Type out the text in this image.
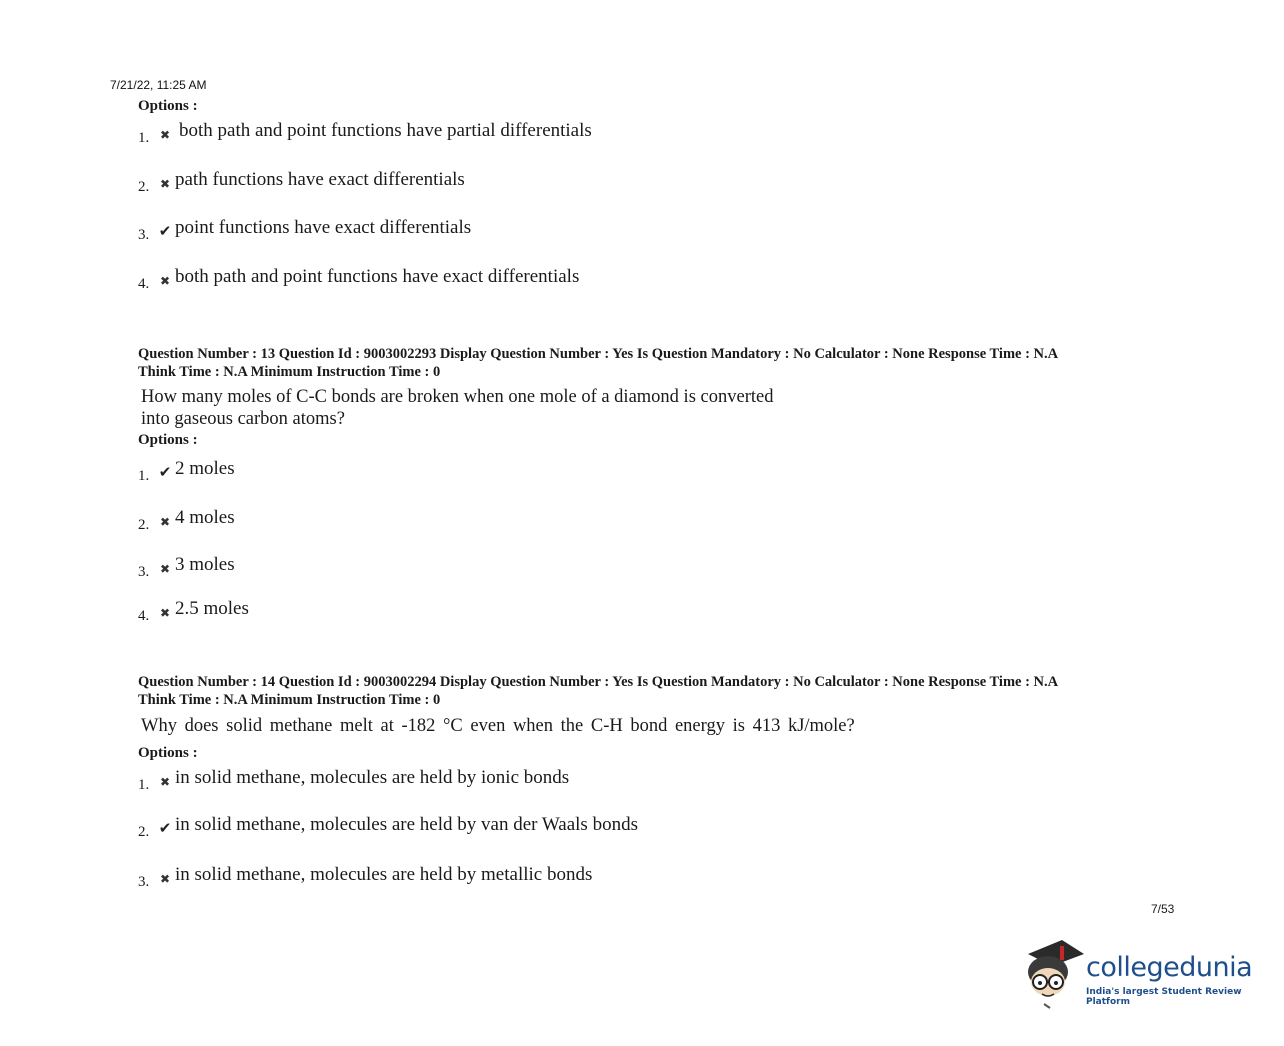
7/21/22, 11:25 AM

Options :

1. ✖ both path and point functions have partial differentials
2. ✖ path functions have exact differentials
3. ✔ point functions have exact differentials
4. ✖ both path and point functions have exact differentials

Question Number : 13 Question Id : 9003002293 Display Question Number : Yes Is Question Mandatory : No Calculator : None Response Time : N.A

Think Time : N.A Minimum Instruction Time : 0

How many moles of C-C bonds are broken when one mole of a diamond is converted
into gaseous carbon atoms?

Options :

1. ✔ 2 moles
2. ✖ 4 moles
3. ✖ 3 moles
4. ✖ 2.5 moles

Question Number : 14 Question Id : 9003002294 Display Question Number : Yes Is Question Mandatory : No Calculator : None Response Time : N.A

Think Time : N.A Minimum Instruction Time : 0

Why does solid methane melt at -182 °C even when the C-H bond energy is 413 kJ/mole?

Options :

1. ✖ in solid methane, molecules are held by ionic bonds
2. ✔ in solid methane, molecules are held by van der Waals bonds
3. ✖ in solid methane, molecules are held by metallic bonds
7/53
collegedunia
India's largest Student Review Platform
